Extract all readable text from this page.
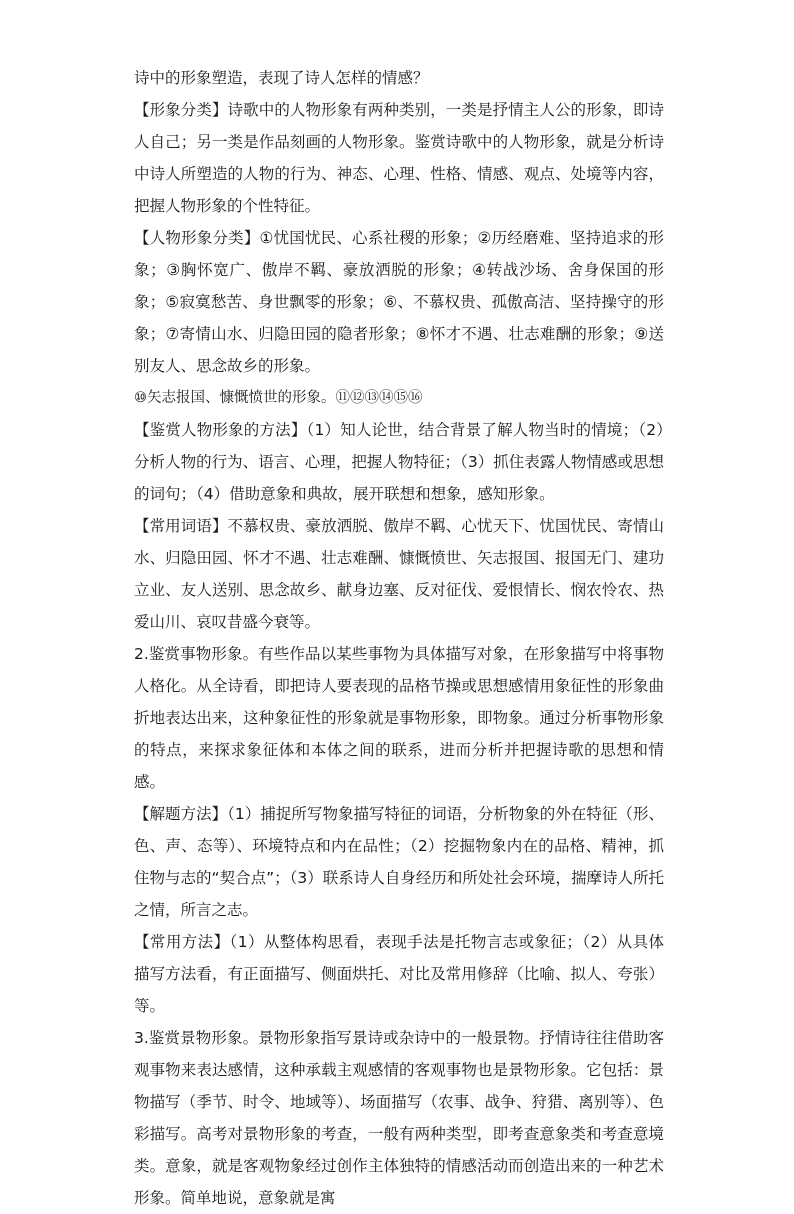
诗中的形象塑造，表现了诗人怎样的情感？

【形象分类】诗歌中的人物形象有两种类别，一类是抒情主人公的形象，即诗人自己；另一类是作品刻画的人物形象。鉴赏诗歌中的人物形象，就是分析诗中诗人所塑造的人物的行为、神态、心理、性格、情感、观点、处境等内容，把握人物形象的个性特征。

【人物形象分类】①忧国忧民、心系社稷的形象；②历经磨难、坚持追求的形象；③胸怀宽广、傲岸不羁、豪放洒脱的形象；④转战沙场、舍身保国的形象；⑤寂寞愁苦、身世飘零的形象；⑥、不慕权贵、孤傲高洁、坚持操守的形象；⑦寄情山水、归隐田园的隐者形象；⑧怀才不遇、壮志难酬的形象；⑨送别友人、思念故乡的形象。

⑩矢志报国、慷慨愤世的形象。⑪⑫⑬⑭⑮⑯

【鉴赏人物形象的方法】（1）知人论世，结合背景了解人物当时的情境；（2）分析人物的行为、语言、心理，把握人物特征；（3）抓住表露人物情感或思想的词句；（4）借助意象和典故，展开联想和想象，感知形象。

【常用词语】不慕权贵、豪放洒脱、傲岸不羁、心忧天下、忧国忧民、寄情山水、归隐田园、怀才不遇、壮志难酬、慷慨愤世、矢志报国、报国无门、建功立业、友人送别、思念故乡、献身边塞、反对征伐、爱恨情长、悯农怜农、热爱山川、哀叹昔盛今衰等。

2.鉴赏事物形象。有些作品以某些事物为具体描写对象，在形象描写中将事物人格化。从全诗看，即把诗人要表现的品格节操或思想感情用象征性的形象曲折地表达出来，这种象征性的形象就是事物形象，即物象。通过分析事物形象的特点，来探求象征体和本体之间的联系，进而分析并把握诗歌的思想和情感。

【解题方法】（1）捕捉所写物象描写特征的词语，分析物象的外在特征（形、色、声、态等）、环境特点和内在品性；（2）挖掘物象内在的品格、精神，抓住物与志的“契合点”；（3）联系诗人自身经历和所处社会环境，揣摩诗人所托之情，所言之志。

【常用方法】（1）从整体构思看，表现手法是托物言志或象征；（2）从具体描写方法看，有正面描写、侧面烘托、对比及常用修辞（比喻、拟人、夸张）等。

3.鉴赏景物形象。景物形象指写景诗或杂诗中的一般景物。抒情诗往往借助客观事物来表达感情，这种承载主观感情的客观事物也是景物形象。它包括：景物描写（季节、时令、地域等）、场面描写（农事、战争、狩猎、离别等）、色彩描写。高考对景物形象的考查，一般有两种类型，即考查意象类和考查意境类。意象，就是客观物象经过创作主体独特的情感活动而创造出来的一种艺术形象。简单地说，意象就是寓
